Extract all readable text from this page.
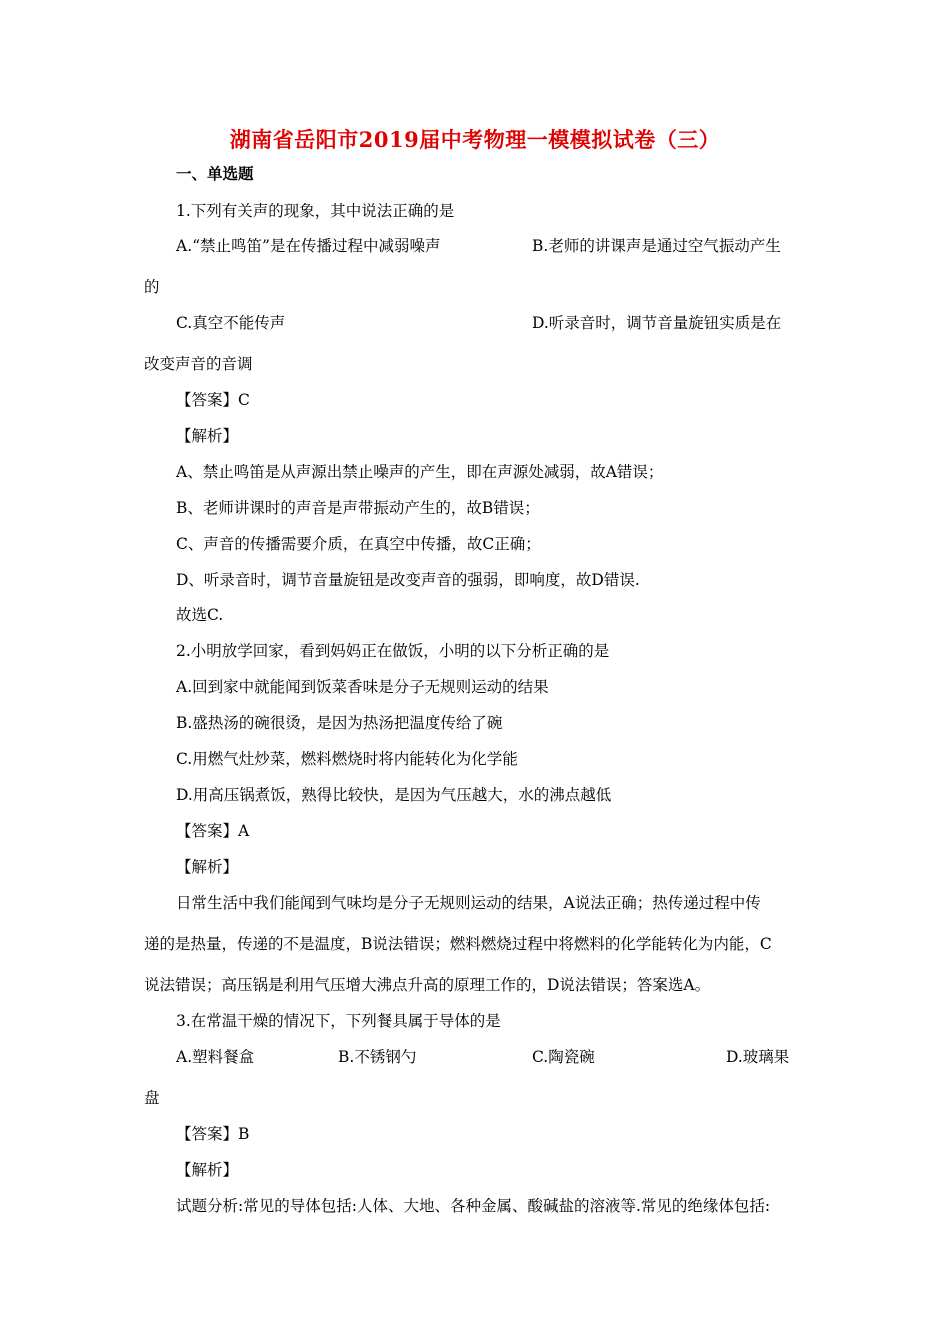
湖南省岳阳市2019届中考物理一模模拟试卷（三）
一、单选题
1.下列有关声的现象，其中说法正确的是
A.“禁止鸣笛”是在传播过程中减弱噪声	B.老师的讲课声是通过空气振动产生
的
C.真空不能传声	D.听录音时，调节音量旋钮实质是在
改变声音的音调
【答案】C
【解析】
A、禁止鸣笛是从声源出禁止噪声的产生，即在声源处减弱，故A错误；
B、老师讲课时的声音是声带振动产生的，故B错误；
C、声音的传播需要介质，在真空中传播，故C正确；
D、听录音时，调节音量旋钮是改变声音的强弱，即响度，故D错误.
故选C.
2.小明放学回家，看到妈妈正在做饭，小明的以下分析正确的是
A.回到家中就能闻到饭菜香味是分子无规则运动的结果
B.盛热汤的碗很烫，是因为热汤把温度传给了碗
C.用燃气灶炒菜，燃料燃烧时将内能转化为化学能
D.用高压锅煮饭，熟得比较快，是因为气压越大，水的沸点越低
【答案】A
【解析】
日常生活中我们能闻到气味均是分子无规则运动的结果，A说法正确；热传递过程中传
递的是热量，传递的不是温度，B说法错误；燃料燃烧过程中将燃料的化学能转化为内能，C
说法错误；高压锅是利用气压增大沸点升高的原理工作的，D说法错误；答案选A。
3.在常温干燥的情况下，下列餐具属于导体的是
A.塑料餐盒	B.不锈钢勺	C.陶瓷碗	D.玻璃果
盘
【答案】B
【解析】
试题分析:常见的导体包括:人体、大地、各种金属、酸碱盐的溶液等.常见的绝缘体包括:
